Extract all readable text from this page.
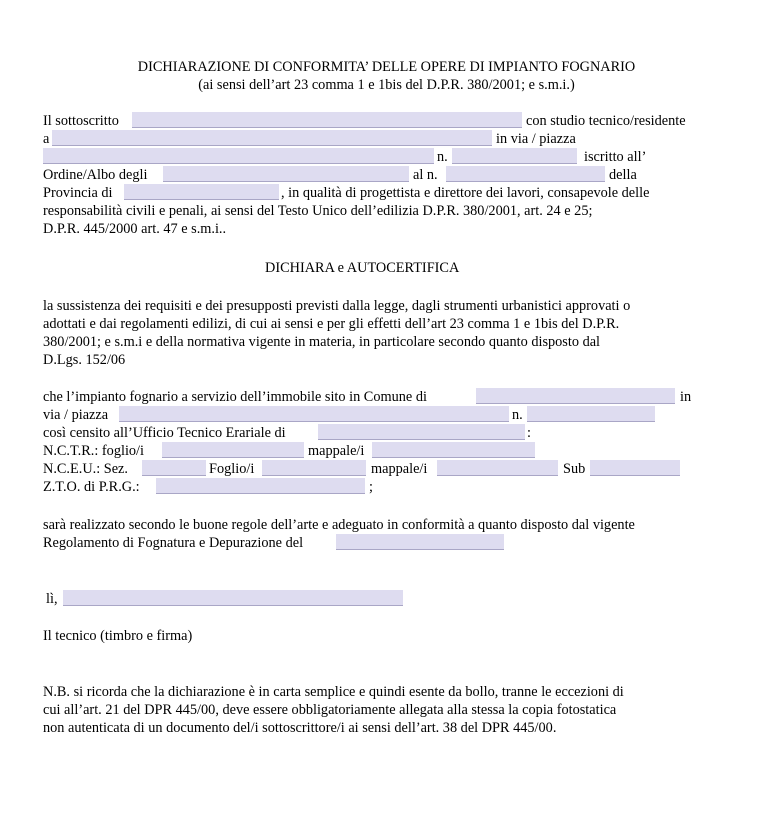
DICHIARAZIONE DI CONFORMITA’ DELLE OPERE DI IMPIANTO FOGNARIO
(ai sensi dell’art 23 comma 1 e 1bis del D.P.R. 380/2001; e s.m.i.)
Il sottoscritto	con studio tecnico/residente
a	in via / piazza
n.	iscritto all’
Ordine/Albo degli	al n.	della
Provincia di	, in qualità di progettista e direttore dei lavori, consapevole delle
responsabilità civili e penali, ai sensi del Testo Unico dell’edilizia D.P.R. 380/2001, art. 24 e 25;
D.P.R. 445/2000 art. 47 e s.m.i..
DICHIARA e AUTOCERTIFICA
la sussistenza dei requisiti e dei presupposti previsti dalla legge, dagli strumenti urbanistici approvati o
adottati e dai regolamenti edilizi, di cui ai sensi e per gli effetti dell’art 23 comma 1 e 1bis del D.P.R.
380/2001; e s.m.i e della normativa vigente in materia, in particolare secondo quanto disposto dal
D.Lgs. 152/06
che l’impianto fognario a servizio dell’immobile sito in Comune di	in
via / piazza	n.
così censito all’Ufficio Tecnico Erariale di	:
N.C.T.R.: foglio/i	mappale/i
N.C.E.U.: Sez.	Foglio/i	mappale/i	Sub
Z.T.O. di P.R.G.:	;
sarà realizzato secondo le buone regole dell’arte e adeguato in conformità a quanto disposto dal vigente
Regolamento di Fognatura e Depurazione del
lì,
Il tecnico (timbro e firma)
N.B. si ricorda che la dichiarazione è in carta semplice e quindi esente da bollo, tranne le eccezioni di
cui all’art. 21 del DPR 445/00, deve essere obbligatoriamente allegata alla stessa la copia fotostatica
non autenticata di un documento del/i sottoscrittore/i ai sensi dell’art. 38 del DPR 445/00.
